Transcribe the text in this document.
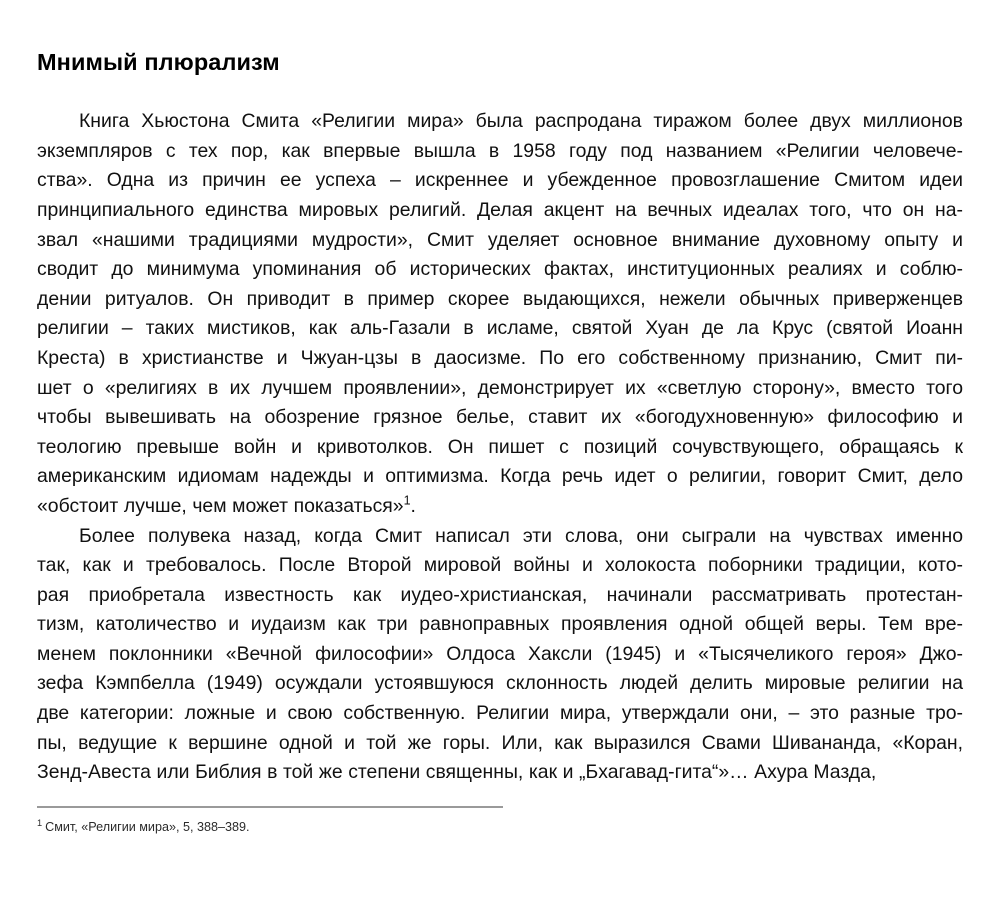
Мнимый плюрализм

Книга Хьюстона Смита «Религии мира» была распродана тиражом более двух миллионов
экземпляров с тех пор, как впервые вышла в 1958 году под названием «Религии человече-
ства». Одна из причин ее успеха – искреннее и убежденное провозглашение Смитом идеи
принципиального единства мировых религий. Делая акцент на вечных идеалах того, что он на-
звал «нашими традициями мудрости», Смит уделяет основное внимание духовному опыту и
сводит до минимума упоминания об исторических фактах, институционных реалиях и соблю-
дении ритуалов. Он приводит в пример скорее выдающихся, нежели обычных приверженцев
религии – таких мистиков, как аль-Газали в исламе, святой Хуан де ла Крус (святой Иоанн
Креста) в христианстве и Чжуан-цзы в даосизме. По его собственному признанию, Смит пи-
шет о «религиях в их лучшем проявлении», демонстрирует их «светлую сторону», вместо того
чтобы вывешивать на обозрение грязное белье, ставит их «богодухновенную» философию и
теологию превыше войн и кривотолков. Он пишет с позиций сочувствующего, обращаясь к
американским идиомам надежды и оптимизма. Когда речь идет о религии, говорит Смит, дело
«обстоит лучше, чем может показаться»$^1$.

Более полувека назад, когда Смит написал эти слова, они сыграли на чувствах именно
так, как и требовалось. После Второй мировой войны и холокоста поборники традиции, кото-
рая приобретала известность как иудео-христианская, начинали рассматривать протестан-
тизм, католичество и иудаизм как три равноправных проявления одной общей веры. Тем вре-
менем поклонники «Вечной философии» Олдоса Хаксли (1945) и «Тысячеликого героя» Джо-
зефа Кэмпбелла (1949) осуждали устоявшуюся склонность людей делить мировые религии на
две категории: ложные и свою собственную. Религии мира, утверждали они, – это разные тро-
пы, ведущие к вершине одной и той же горы. Или, как выразился Свами Шивананда, «Коран,
Зенд-Авеста или Библия в той же степени священны, как и „Бхагавад-гита“»… Ахура Мазда,

$^1$ Смит, «Религии мира», 5, 388–389.
